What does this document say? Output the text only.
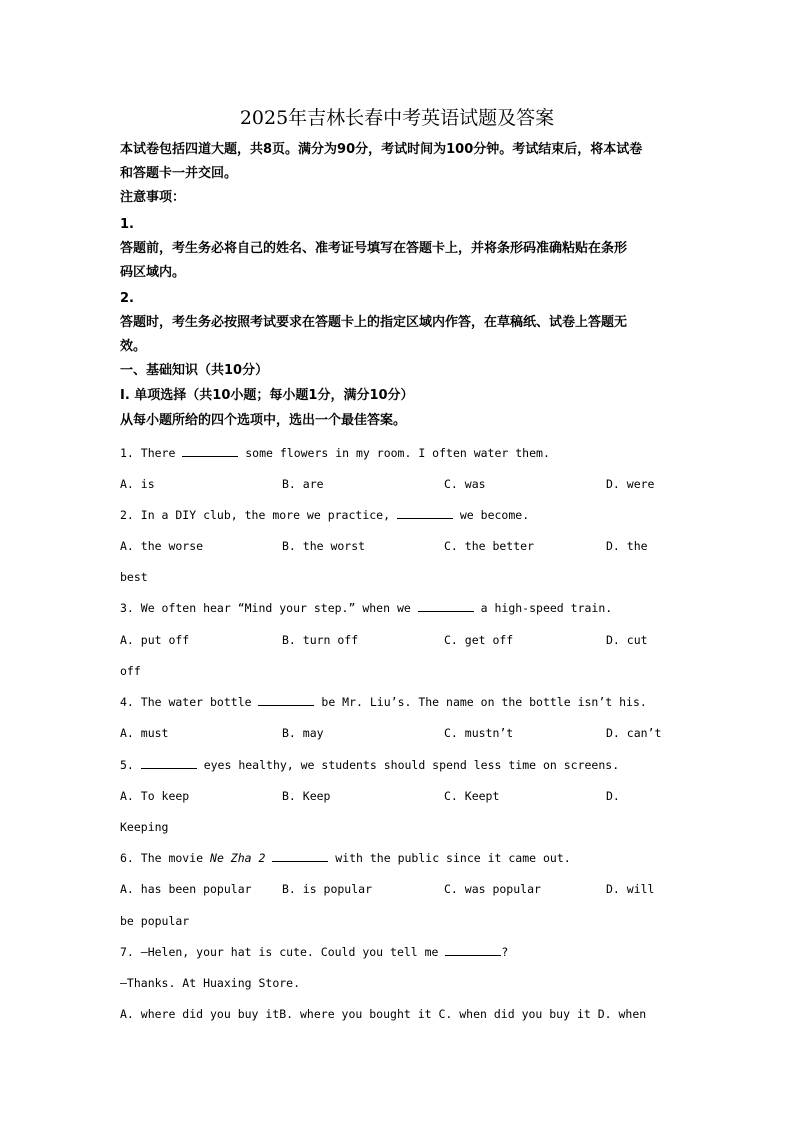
2025年吉林长春中考英语试题及答案
本试卷包括四道大题，共8页。满分为90分，考试时间为100分钟。考试结束后，将本试卷
和答题卡一并交回。
注意事项：
1.
答题前，考生务必将自己的姓名、准考证号填写在答题卡上，并将条形码准确粘贴在条形
码区域内。
2.
答题时，考生务必按照考试要求在答题卡上的指定区域内作答，在草稿纸、试卷上答题无
效。
一、基础知识（共10分）
Ⅰ. 单项选择（共10小题；每小题1分，满分10分）
从每小题所给的四个选项中，选出一个最佳答案。
1. There	some flowers in my room. I often water them.
A. is	B. are	C. was	D. were
2. In a DIY club, the more we practice,	we become.
A. the worse	B. the worst	C. the better	D. the
best
3. We often hear “Mind your step.” when we	a high-speed train.
A. put off	B. turn off	C. get off	D. cut
off
4. The water bottle	be Mr. Liu’s. The name on the bottle isn’t his.
A. must	B. may	C. mustn’t	D. can’t
5.	eyes healthy, we students should spend less time on screens.
A. To keep	B. Keep	C. Keept	D.
Keeping
6. The movie Ne Zha 2	with the public since it came out.
A. has been popular	B. is popular	C. was popular	D. will
be popular
7. —Helen, your hat is cute. Could you tell me	?
—Thanks. At Huaxing Store.
A. where did you buy itB. where you bought it C. when did you buy it D. when
